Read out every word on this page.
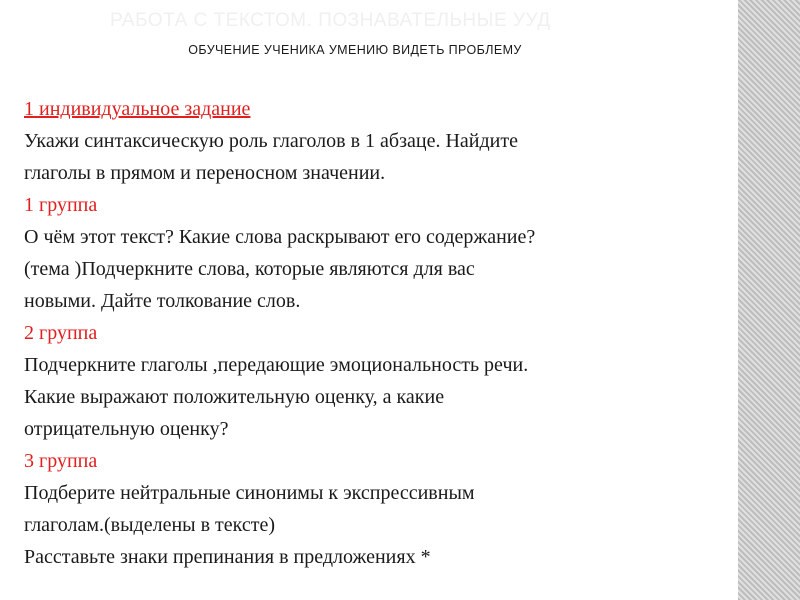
РАБОТА С ТЕКСТОМ. ПОЗНАВАТЕЛЬНЫЕ УУД
ОБУЧЕНИЕ УЧЕНИКА УМЕНИЮ ВИДЕТЬ ПРОБЛЕМУ
1 индивидуальное задание
Укажи синтаксическую роль глаголов в 1 абзаце. Найдите
глаголы в прямом и переносном значении.
1 группа
О чём этот текст? Какие слова раскрывают его содержание?
(тема )Подчеркните слова, которые являются для вас
новыми. Дайте толкование слов.
2 группа
Подчеркните глаголы ,передающие эмоциональность речи.
Какие выражают положительную оценку, а какие
отрицательную оценку?
3 группа
Подберите нейтральные синонимы к экспрессивным
глаголам.(выделены в тексте)
Расставьте знаки препинания в предложениях *
